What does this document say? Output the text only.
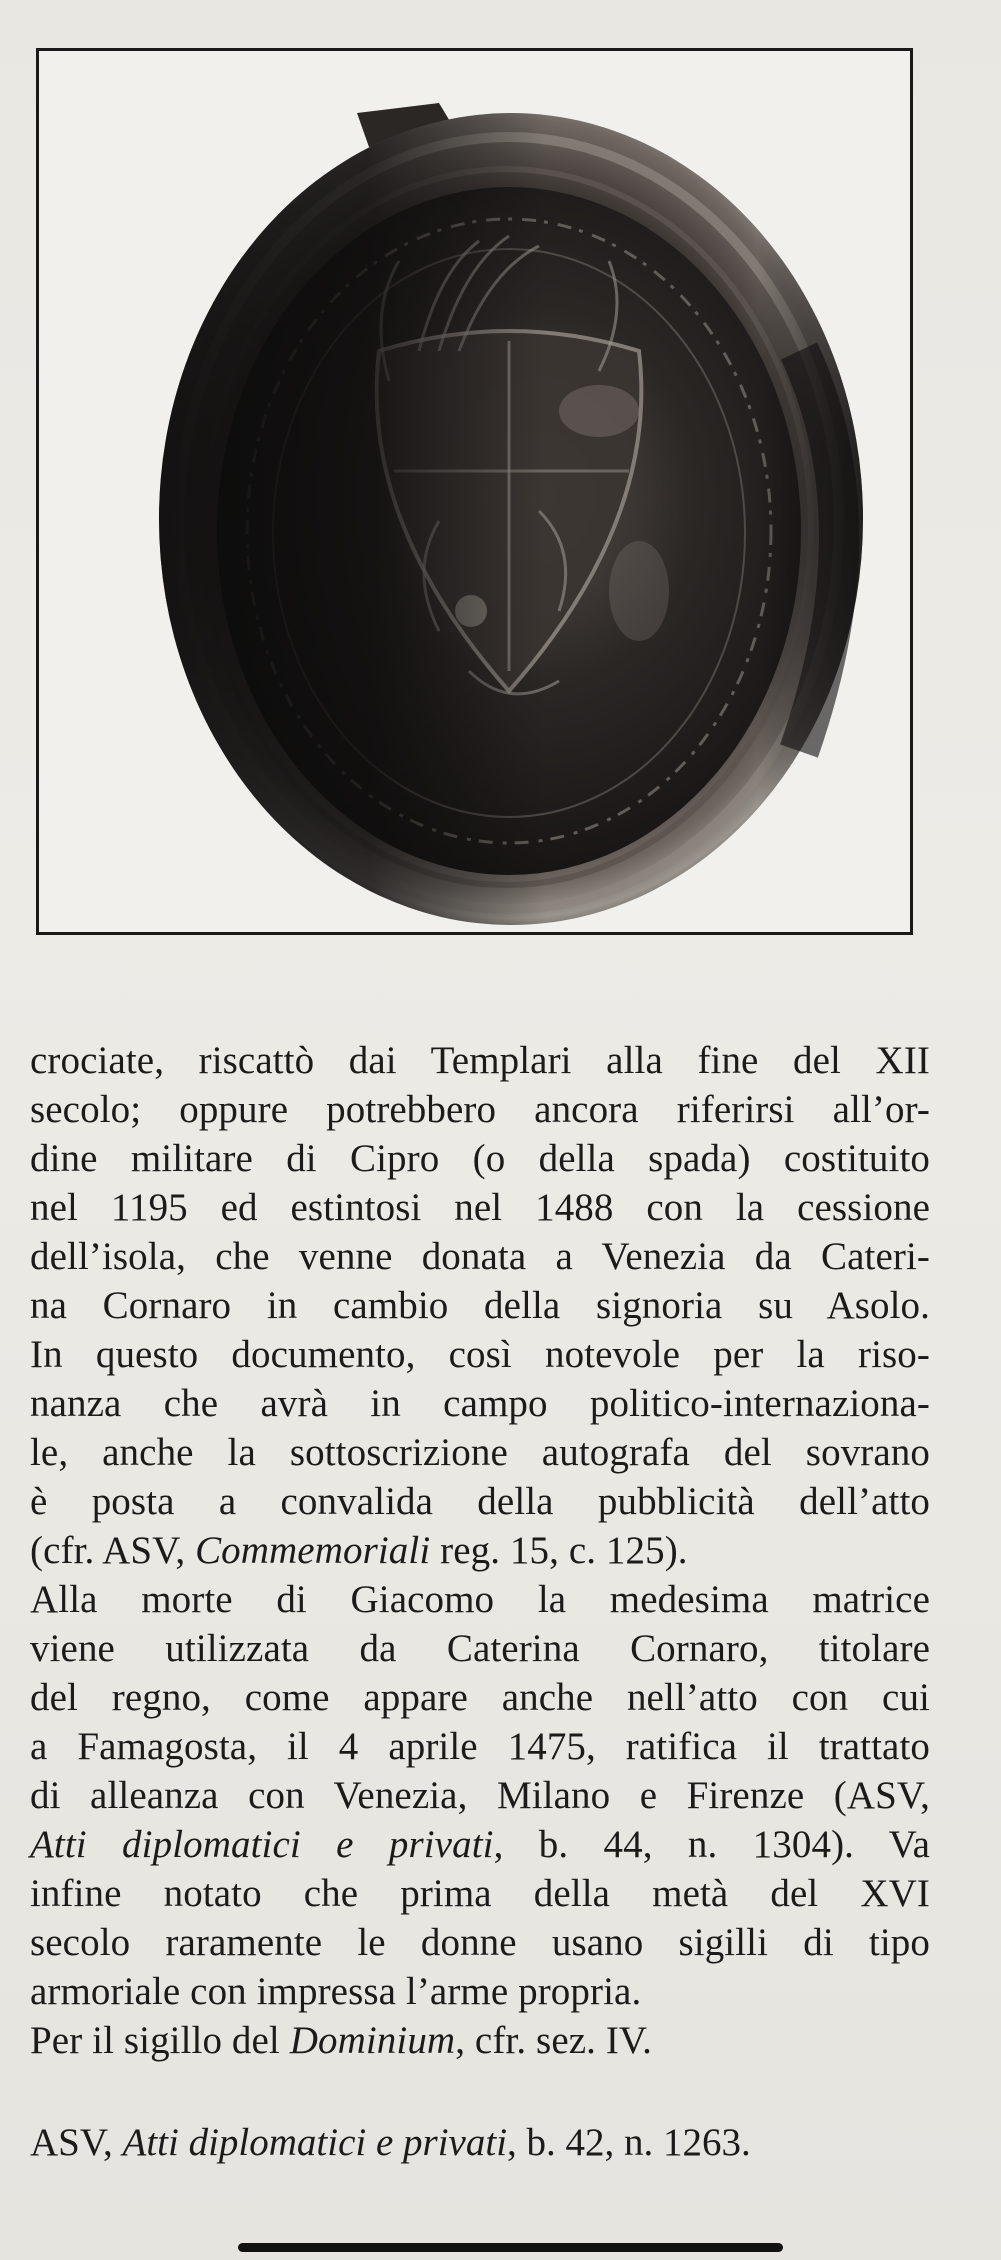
crociate, riscattò dai Templari alla fine del XII
secolo; oppure potrebbero ancora riferirsi all’or-
dine militare di Cipro (o della spada) costituito
nel 1195 ed estintosi nel 1488 con la cessione
dell’isola, che venne donata a Venezia da Cateri-
na Cornaro in cambio della signoria su Asolo.
In questo documento, così notevole per la riso-
nanza che avrà in campo politico-internaziona-
le, anche la sottoscrizione autografa del sovrano
è posta a convalida della pubblicità dell’atto
(cfr. ASV, Commemoriali reg. 15, c. 125).

Alla morte di Giacomo la medesima matrice
viene utilizzata da Caterina Cornaro, titolare
del regno, come appare anche nell’atto con cui
a Famagosta, il 4 aprile 1475, ratifica il trattato
di alleanza con Venezia, Milano e Firenze (ASV,
Atti diplomatici e privati, b. 44, n. 1304). Va
infine notato che prima della metà del XVI
secolo raramente le donne usano sigilli di tipo
armoriale con impressa l’arme propria.

Per il sigillo del Dominium, cfr. sez. IV.

ASV, Atti diplomatici e privati, b. 42, n. 1263.
